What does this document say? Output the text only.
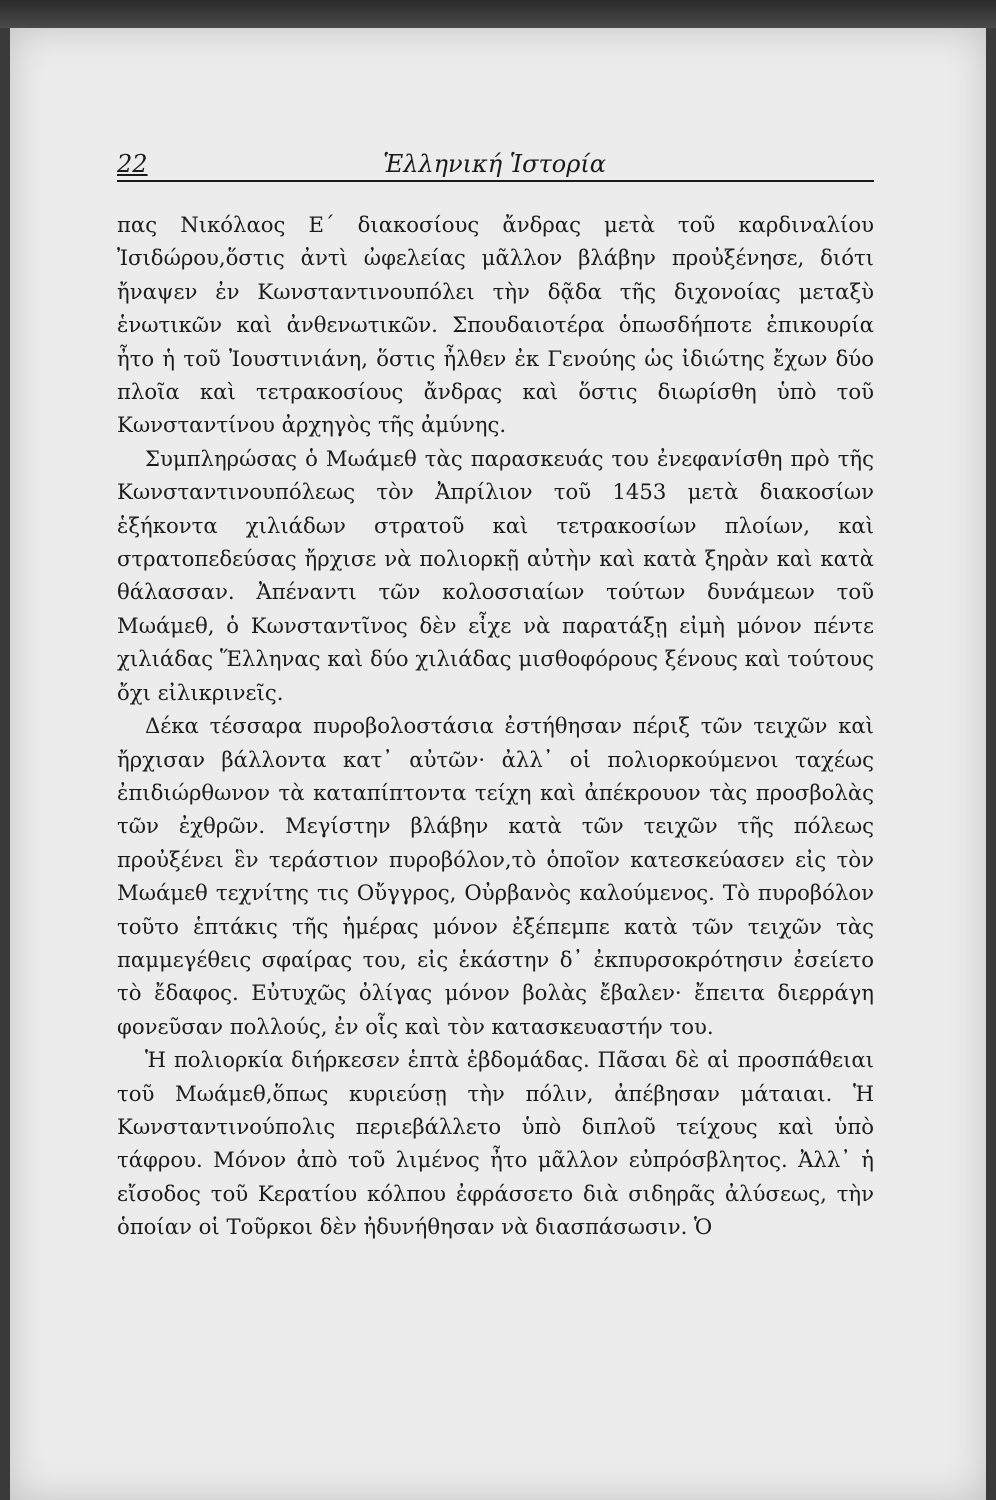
22	Ἑλληνική Ἱστορία

πας Νικόλαος Ε΄ διακοσίους ἄνδρας μετὰ τοῦ καρδιναλίου Ἰσιδώρου,ὅστις ἀντὶ ὠφελείας μᾶλλον βλάβην προὐξένησε, διότι ἤναψεν ἐν Κωνσταντινουπόλει τὴν δᾷδα τῆς διχονοίας μεταξὺ ἑνωτικῶν καὶ ἀνθενωτικῶν. Σπουδαιοτέρα ὁπωσδήποτε ἐπικουρία ἦτο ἡ τοῦ Ἰουστινιάνη, ὅστις ἦλθεν ἐκ Γενούης ὡς ἰδιώτης ἔχων δύο πλοῖα καὶ τετρακοσίους ἄνδρας καὶ ὅστις διωρίσθη ὑπὸ τοῦ Κωνσταντίνου ἀρχηγὸς τῆς ἀμύνης.

Συμπληρώσας ὁ Μωάμεθ τὰς παρασκευάς του ἐνεφανίσθη πρὸ τῆς Κωνσταντινουπόλεως τὸν Ἀπρίλιον τοῦ 1453 μετὰ διακοσίων ἑξήκοντα χιλιάδων στρατοῦ καὶ τετρακοσίων πλοίων, καὶ στρατοπεδεύσας ἤρχισε νὰ πολιορκῇ αὐτὴν καὶ κατὰ ξηρὰν καὶ κατὰ θάλασσαν. Ἀπέναντι τῶν κολοσσιαίων τούτων δυνάμεων τοῦ Μωάμεθ, ὁ Κωνσταντῖνος δὲν εἶχε νὰ παρατάξῃ εἰμὴ μόνον πέντε χιλιάδας Ἕλληνας καὶ δύο χιλιάδας μισθοφόρους ξένους καὶ τούτους ὄχι εἰλικρινεῖς.

Δέκα τέσσαρα πυροβολοστάσια ἐστήθησαν πέριξ τῶν τειχῶν καὶ ἤρχισαν βάλλοντα κατ᾽ αὐτῶν· ἀλλ᾽ οἱ πολιορκούμενοι ταχέως ἐπιδιώρθωνον τὰ καταπίπτοντα τείχη καὶ ἀπέκρουον τὰς προσβολὰς τῶν ἐχθρῶν. Μεγίστην βλάβην κατὰ τῶν τειχῶν τῆς πόλεως προὐξένει ἓν τεράστιον πυροβόλον,τὸ ὁποῖον κατεσκεύασεν εἰς τὸν Μωάμεθ τεχνίτης τις Οὔγγρος, Οὐρβανὸς καλούμενος. Τὸ πυροβόλον τοῦτο ἑπτάκις τῆς ἡμέρας μόνον ἐξέπεμπε κατὰ τῶν τειχῶν τὰς παμμεγέθεις σφαίρας του, εἰς ἑκάστην δ᾽ ἐκπυρσοκρότησιν ἐσείετο τὸ ἔδαφος. Εὐτυχῶς ὀλίγας μόνον βολὰς ἔβαλεν· ἔπειτα διερράγη φονεῦσαν πολλούς, ἐν οἷς καὶ τὸν κατασκευαστήν του.

Ἡ πολιορκία διήρκεσεν ἑπτὰ ἑβδομάδας. Πᾶσαι δὲ αἱ προσπάθειαι τοῦ Μωάμεθ,ὅπως κυριεύσῃ τὴν πόλιν, ἀπέβησαν μάταιαι. Ἡ Κωνσταντινούπολις περιεβάλλετο ὑπὸ διπλοῦ τείχους καὶ ὑπὸ τάφρου. Μόνον ἀπὸ τοῦ λιμένος ἦτο μᾶλλον εὐπρόσβλητος. Ἀλλ᾽ ἡ εἴσοδος τοῦ Κερατίου κόλπου ἐφράσσετο διὰ σιδηρᾶς ἀλύσεως, τὴν ὁποίαν οἱ Τοῦρκοι δὲν ἠδυνήθησαν νὰ διασπάσωσιν. Ὁ
